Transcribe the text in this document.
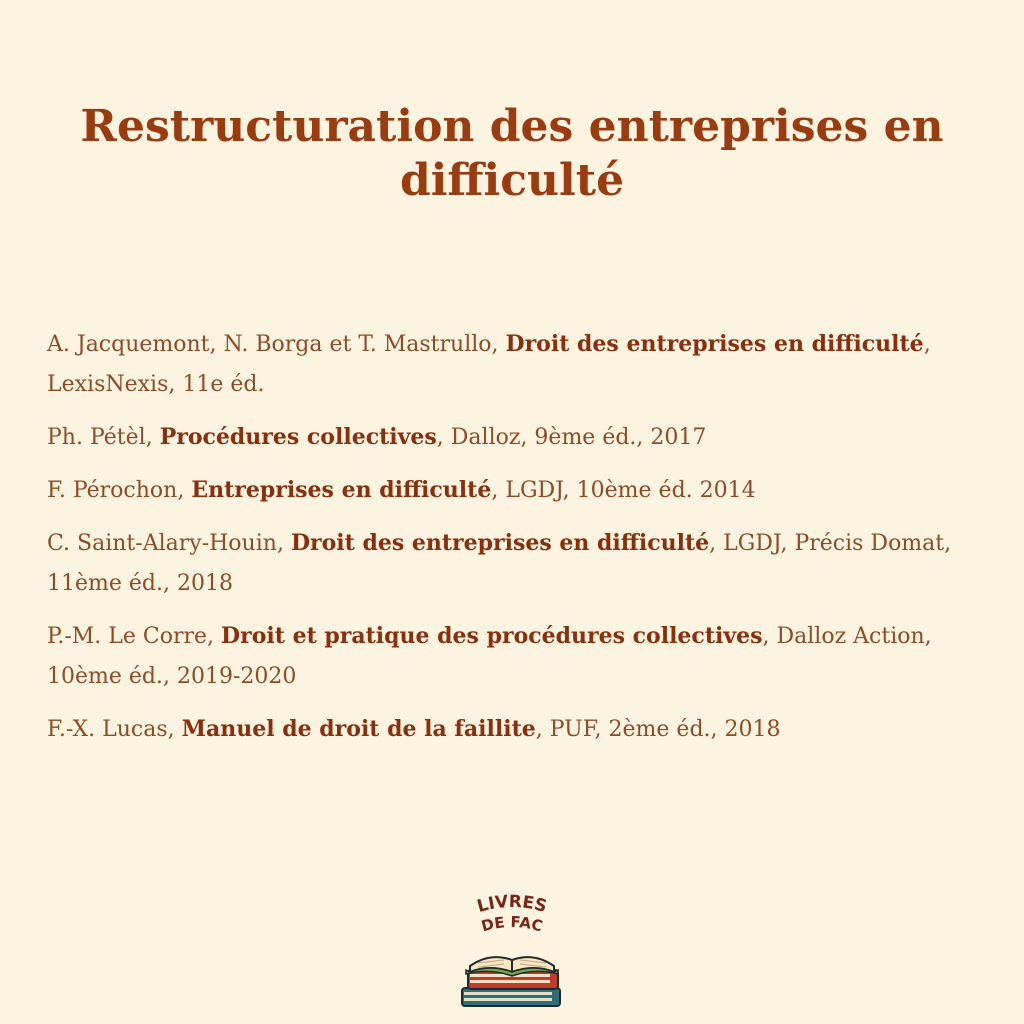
Restructuration des entreprises en difficulté
A. Jacquemont, N. Borga et T. Mastrullo, Droit des entreprises en difficulté, LexisNexis, 11e éd.
Ph. Pétèl, Procédures collectives, Dalloz, 9ème éd., 2017
F. Pérochon, Entreprises en difficulté, LGDJ, 10ème éd. 2014
C. Saint-Alary-Houin, Droit des entreprises en difficulté, LGDJ, Précis Domat, 11ème éd., 2018
P.-M. Le Corre, Droit et pratique des procédures collectives, Dalloz Action, 10ème éd., 2019-2020
F.-X. Lucas, Manuel de droit de la faillite, PUF, 2ème éd., 2018
LIVRES
DE FAC
